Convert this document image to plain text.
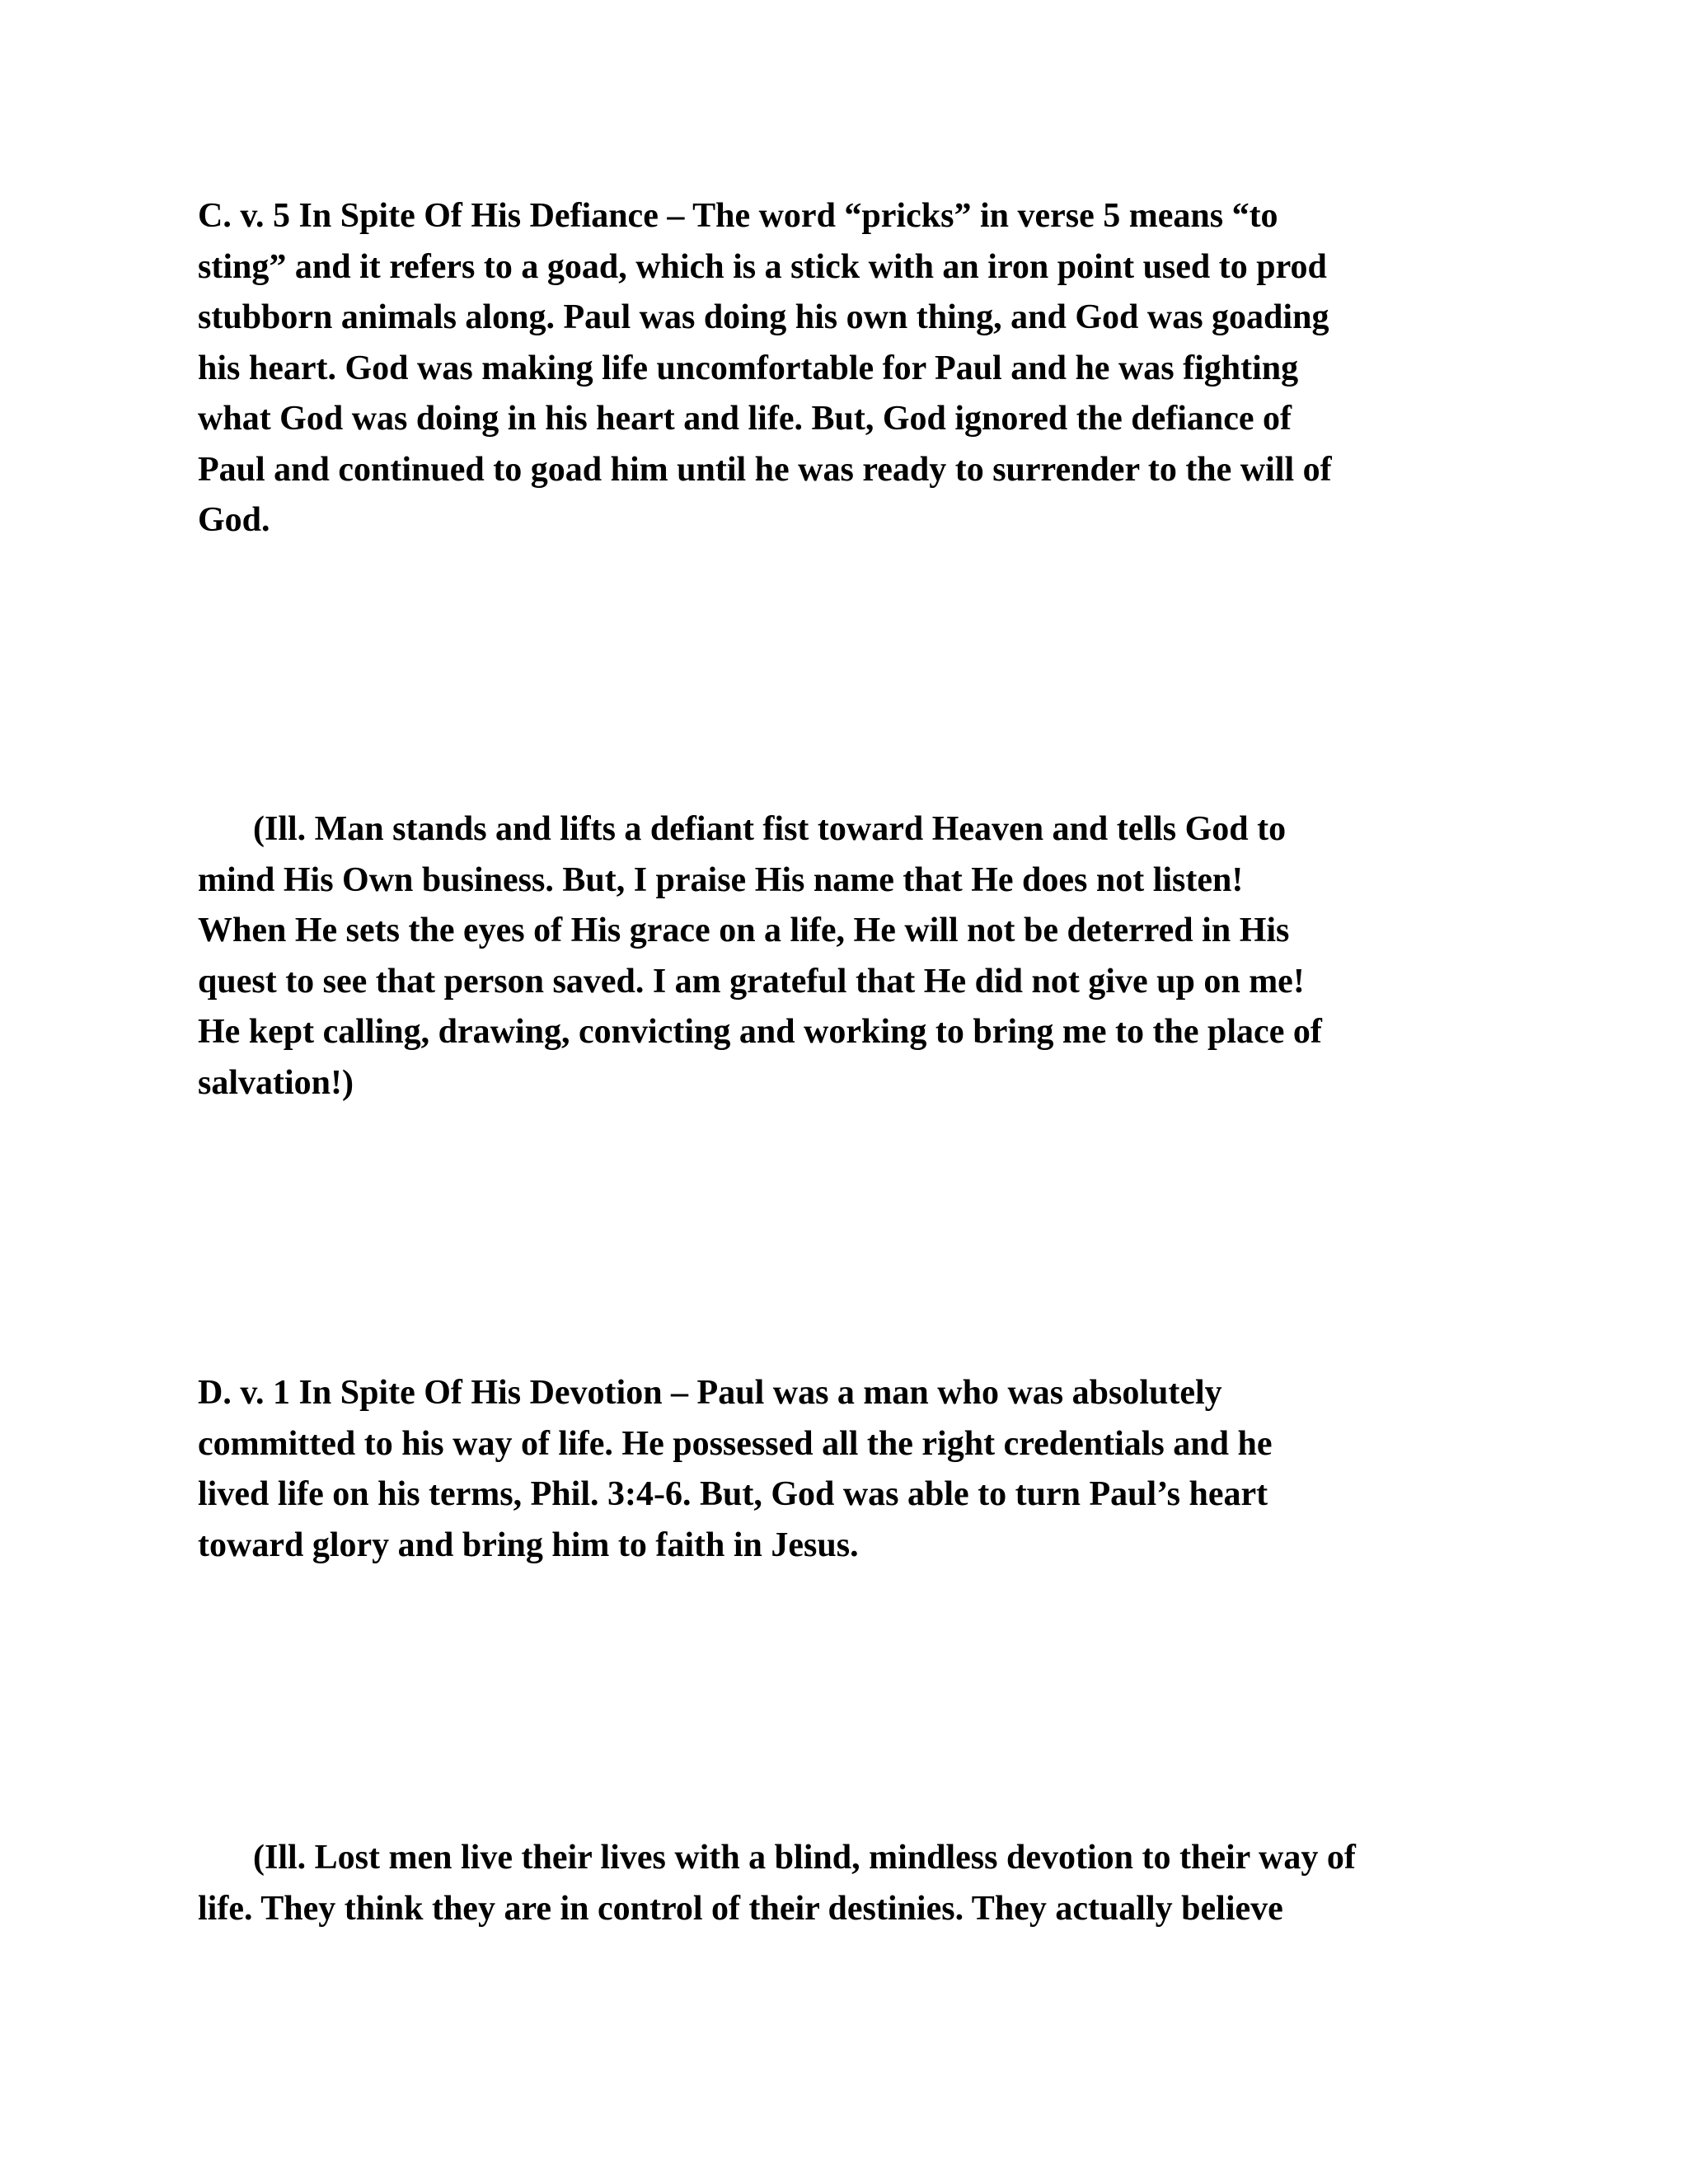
C. v. 5 In Spite Of His Defiance – The word “pricks” in verse 5 means “to
sting” and it refers to a goad, which is a stick with an iron point used to prod
stubborn animals along. Paul was doing his own thing, and God was goading
his heart. God was making life uncomfortable for Paul and he was fighting
what God was doing in his heart and life. But, God ignored the defiance of
Paul and continued to goad him until he was ready to surrender to the will of
God.

(Ill. Man stands and lifts a defiant fist toward Heaven and tells God to
mind His Own business. But, I praise His name that He does not listen!
When He sets the eyes of His grace on a life, He will not be deterred in His
quest to see that person saved. I am grateful that He did not give up on me!
He kept calling, drawing, convicting and working to bring me to the place of
salvation!)

D. v. 1 In Spite Of His Devotion – Paul was a man who was absolutely
committed to his way of life. He possessed all the right credentials and he
lived life on his terms, Phil. 3:4-6. But, God was able to turn Paul’s heart
toward glory and bring him to faith in Jesus.

(Ill. Lost men live their lives with a blind, mindless devotion to their way of
life. They think they are in control of their destinies. They actually believe
